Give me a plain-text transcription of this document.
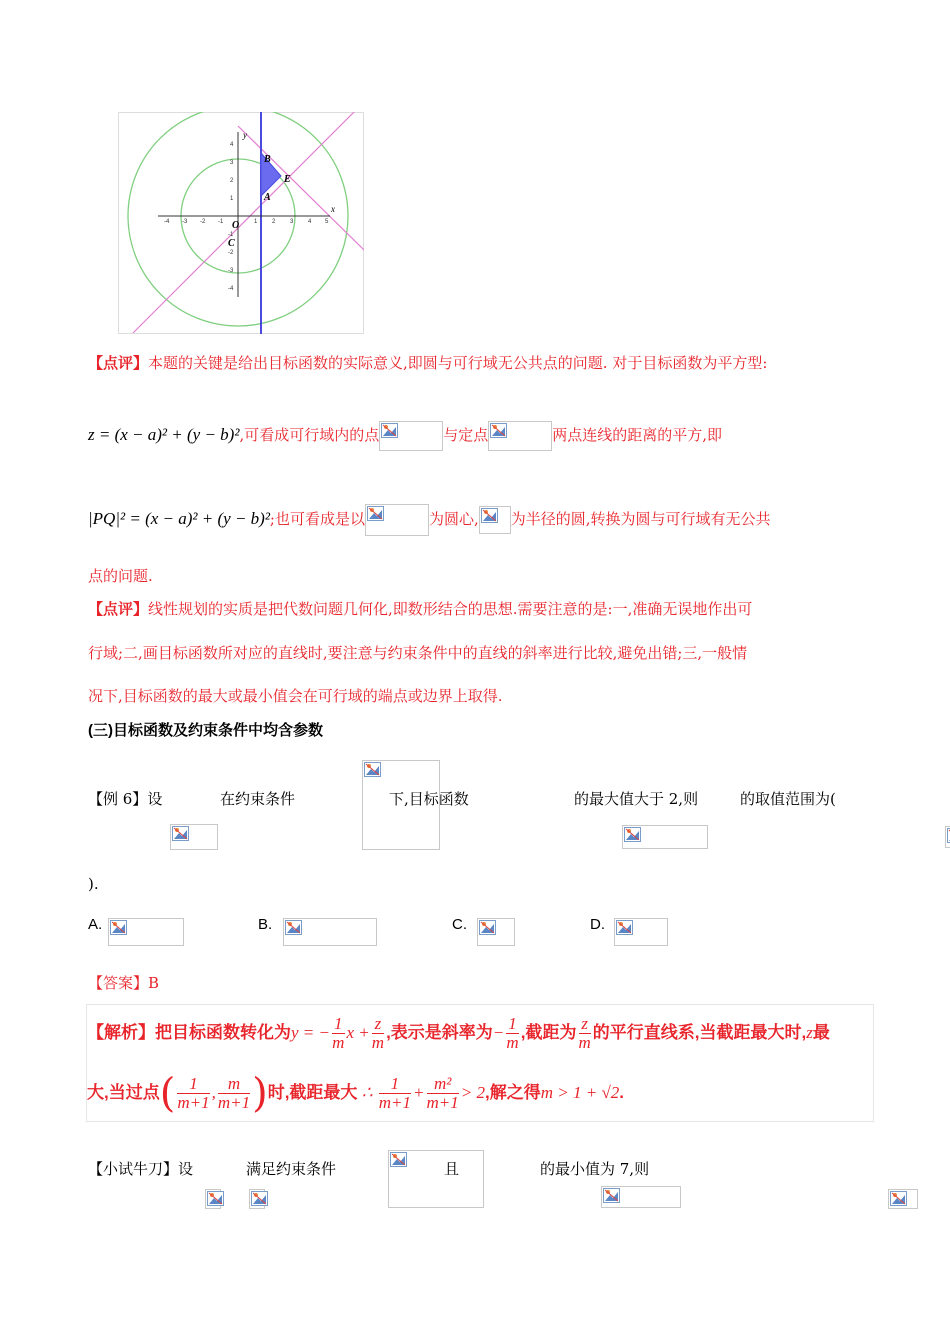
x
y
B
E
A
O
C
-4 -3 -2 -1	1 2 3 4 5
4
3
2
1
-1
-2
-3
-4
【点评】本题的关键是给出目标函数的实际意义,即圆与可行域无公共点的问题. 对于目标函数为平方型:
z = (x − a)² + (y − b)²,可看成可行域内的点	与定点	两点连线的距离的平方,即
|PQ|² = (x − a)² + (y − b)²;也可看成是以	为圆心, 为半径的圆,转换为圆与可行域有无公共
点的问题.
【点评】线性规划的实质是把代数问题几何化,即数形结合的思想.需要注意的是:一,准确无误地作出可
行域;二,画目标函数所对应的直线时,要注意与约束条件中的直线的斜率进行比较,避免出错;三,一般情
况下,目标函数的最大或最小值会在可行域的端点或边界上取得.
(三)目标函数及约束条件中均含参数
【例 6】设
	在约束条件
	下,目标函数
	的最大值大于 2,则	的取值范围为(
).
A.	B.	C.	D.
【答案】B
【解析】把目标函数转化为y = − $\frac{1}{m}$ $x + \frac{z}{m}$ ,表示是斜率为− $\frac{1}{m}$ ,截距为 $\frac{z}{m}$ 的平行直线系,当截距最大时,z最
大,当过点( $\frac{1}{m+1}$ , $\frac{m}{m+1}$ )时,截距最大 ∴ $\frac{1}{m+1} + \frac{\text{m²}}{m+1} > 2$,解之得m > 1 + √2.
【小试牛刀】设

	满足约束条件
	且
	的最小值为 7,则
